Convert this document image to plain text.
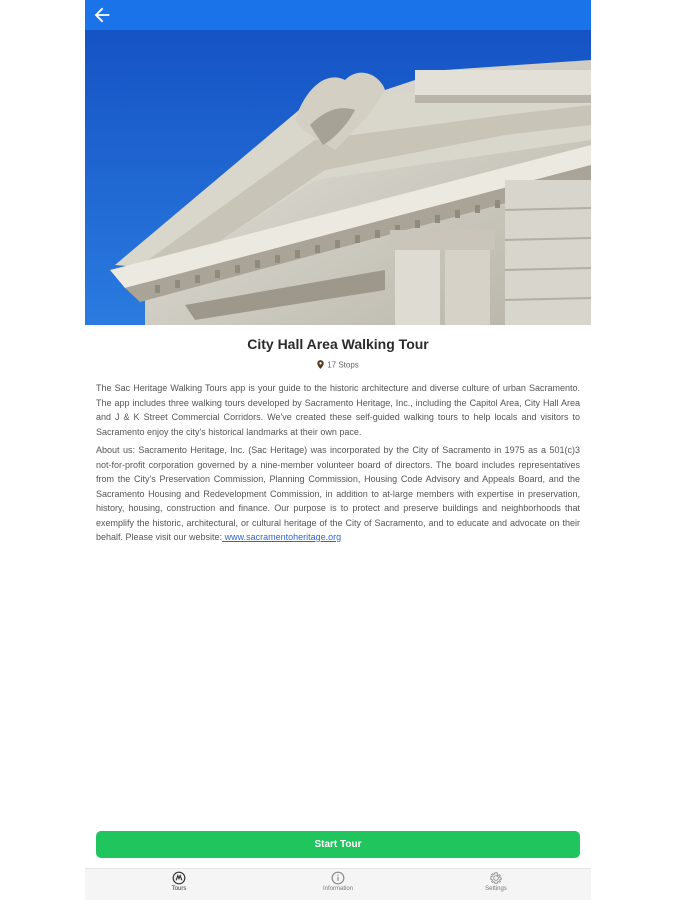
City Hall Area Walking Tour
17 Stops

The Sac Heritage Walking Tours app is your guide to the historic architecture and diverse culture of urban Sacramento. The app includes three walking tours developed by Sacramento Heritage, Inc., including the Capitol Area, City Hall Area and J & K Street Commercial Corridors. We've created these self-guided walking tours to help locals and visitors to Sacramento enjoy the city's historical landmarks at their own pace.

About us: Sacramento Heritage, Inc. (Sac Heritage) was incorporated by the City of Sacramento in 1975 as a 501(c)3 not-for-profit corporation governed by a nine-member volunteer board of directors. The board includes representatives from the City's Preservation Commission, Planning Commission, Housing Code Advisory and Appeals Board, and the Sacramento Housing and Redevelopment Commission, in addition to at-large members with expertise in preservation, history, housing, construction and finance. Our purpose is to protect and preserve buildings and neighborhoods that exemplify the historic, architectural, or cultural heritage of the City of Sacramento, and to educate and advocate on their behalf. Please visit our website: www.sacramentoheritage.org

Start Tour
Tours	Information	Settings
